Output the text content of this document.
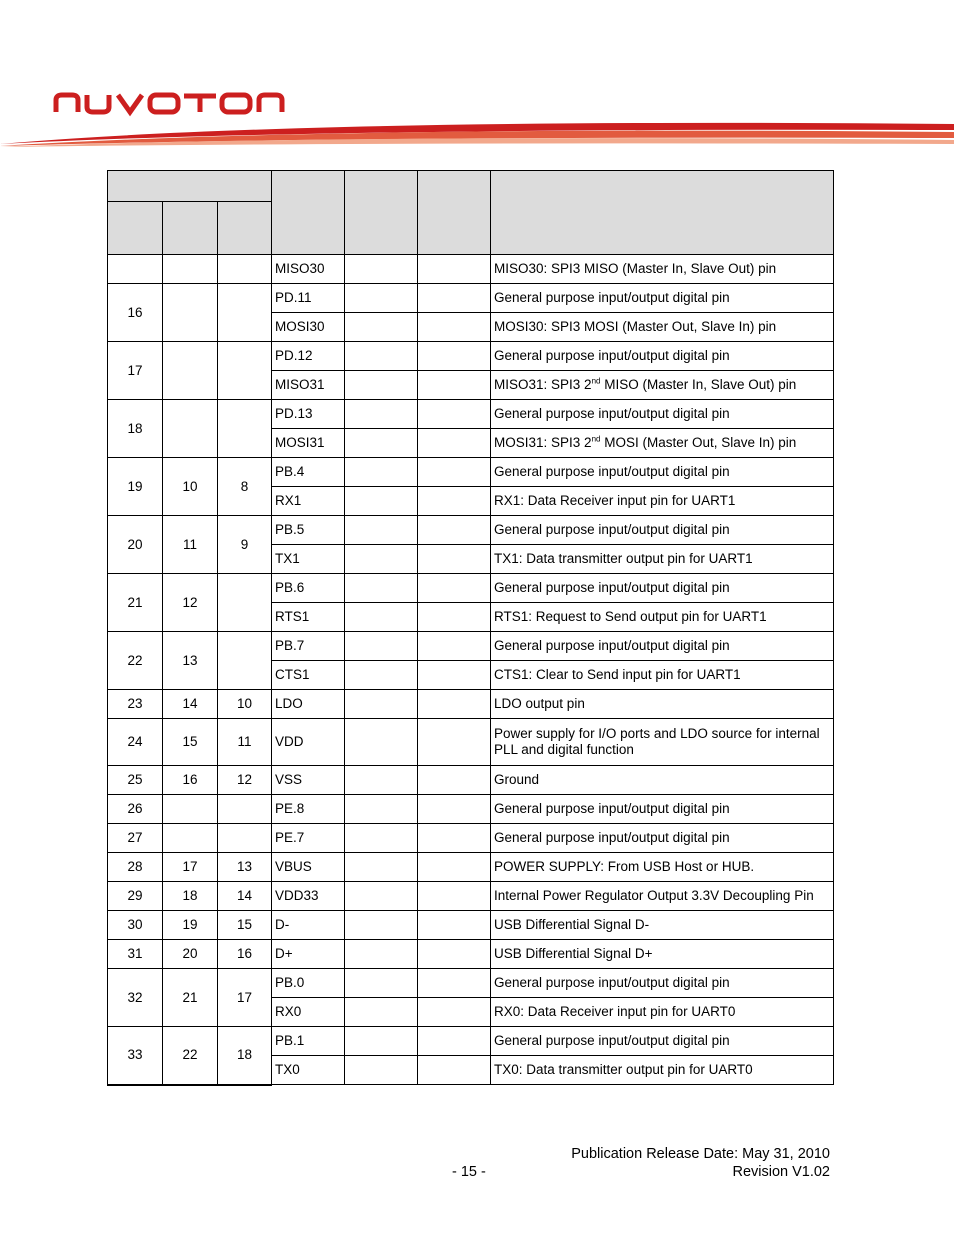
			MISO30			MISO30: SPI3 MISO (Master In, Slave Out) pin
16			PD.11			General purpose input/output digital pin
			MOSI30			MOSI30: SPI3 MOSI (Master Out, Slave In) pin
17			PD.12			General purpose input/output digital pin
			MISO31			MISO31: SPI3 2nd MISO (Master In, Slave Out) pin
18			PD.13			General purpose input/output digital pin
			MOSI31			MOSI31: SPI3 2nd MOSI (Master Out, Slave In) pin
19	10	8	PB.4			General purpose input/output digital pin
			RX1			RX1: Data Receiver input pin for UART1
20	11	9	PB.5			General purpose input/output digital pin
			TX1			TX1: Data transmitter output pin for UART1
21	12		PB.6			General purpose input/output digital pin
			RTS1			RTS1: Request to Send output pin for UART1
22	13		PB.7			General purpose input/output digital pin
			CTS1			CTS1: Clear to Send input pin for UART1
23	14	10	LDO			LDO output pin
24	15	11	VDD			Power supply for I/O ports and LDO source for internal PLL and digital function
25	16	12	VSS			Ground
26			PE.8			General purpose input/output digital pin
27			PE.7			General purpose input/output digital pin
28	17	13	VBUS			POWER SUPPLY: From USB Host or HUB.
29	18	14	VDD33			Internal Power Regulator Output 3.3V Decoupling Pin
30	19	15	D-			USB Differential Signal D-
31	20	16	D+			USB Differential Signal D+
32	21	17	PB.0			General purpose input/output digital pin
			RX0			RX0: Data Receiver input pin for UART0
33	22	18	PB.1			General purpose input/output digital pin
			TX0			TX0: Data transmitter output pin for UART0
Publication Release Date: May 31, 2010
- 15 -	Revision V1.02
